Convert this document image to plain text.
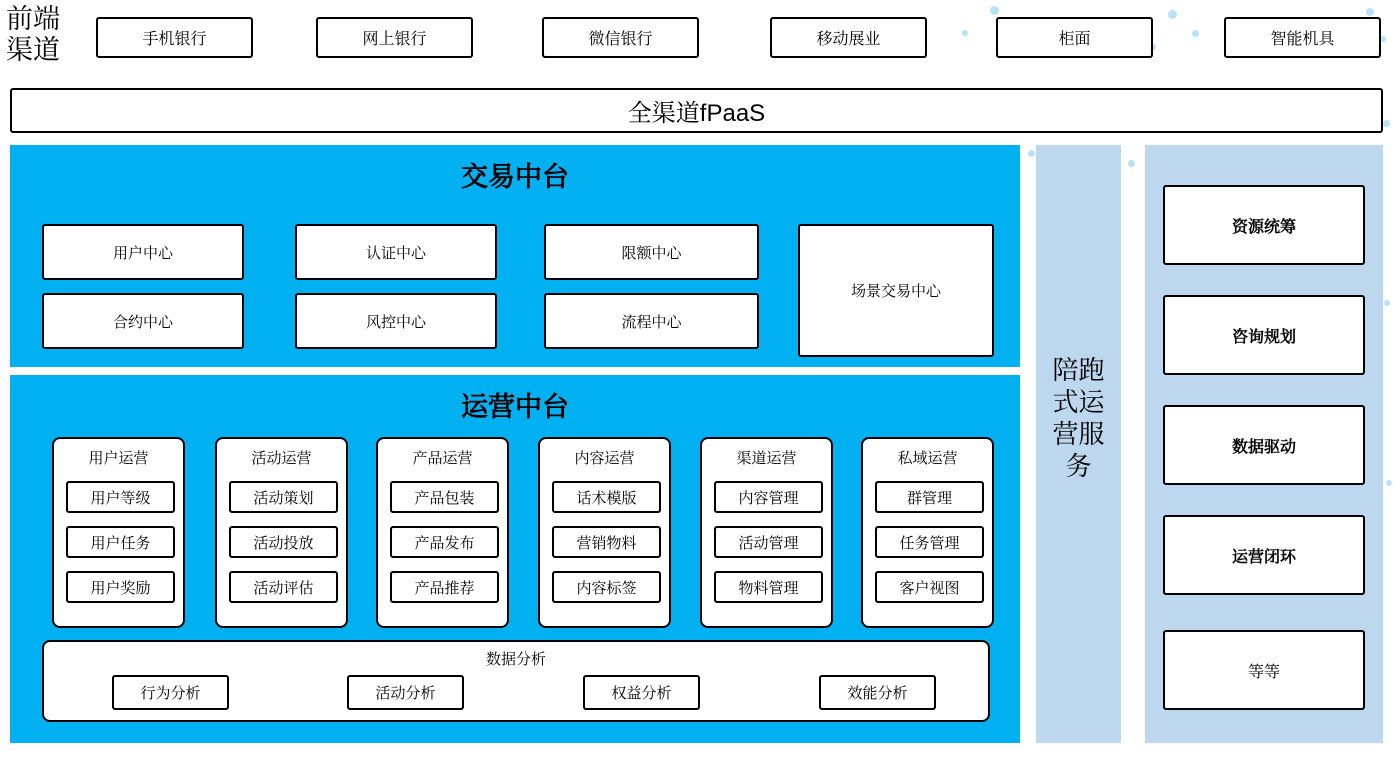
前端
渠道	手机银行	网上银行	微信银行	移动展业	柜面	智能机具
全渠道fPaaS
交易中台
用户中心	认证中心	限额中心
合约中心	风控中心	流程中心
场景交易中心
运营中台
用户运营
用户等级
用户任务
用户奖励
活动运营
活动策划
活动投放
活动评估
产品运营
产品包装
产品发布
产品推荐
内容运营
话术模版
营销物料
内容标签
渠道运营
内容管理
活动管理
物料管理
私域运营
群管理
任务管理
客户视图
数据分析
行为分析	活动分析	权益分析	效能分析
陪跑
式运
营服
务
资源统筹
咨询规划
数据驱动
运营闭环
等等
